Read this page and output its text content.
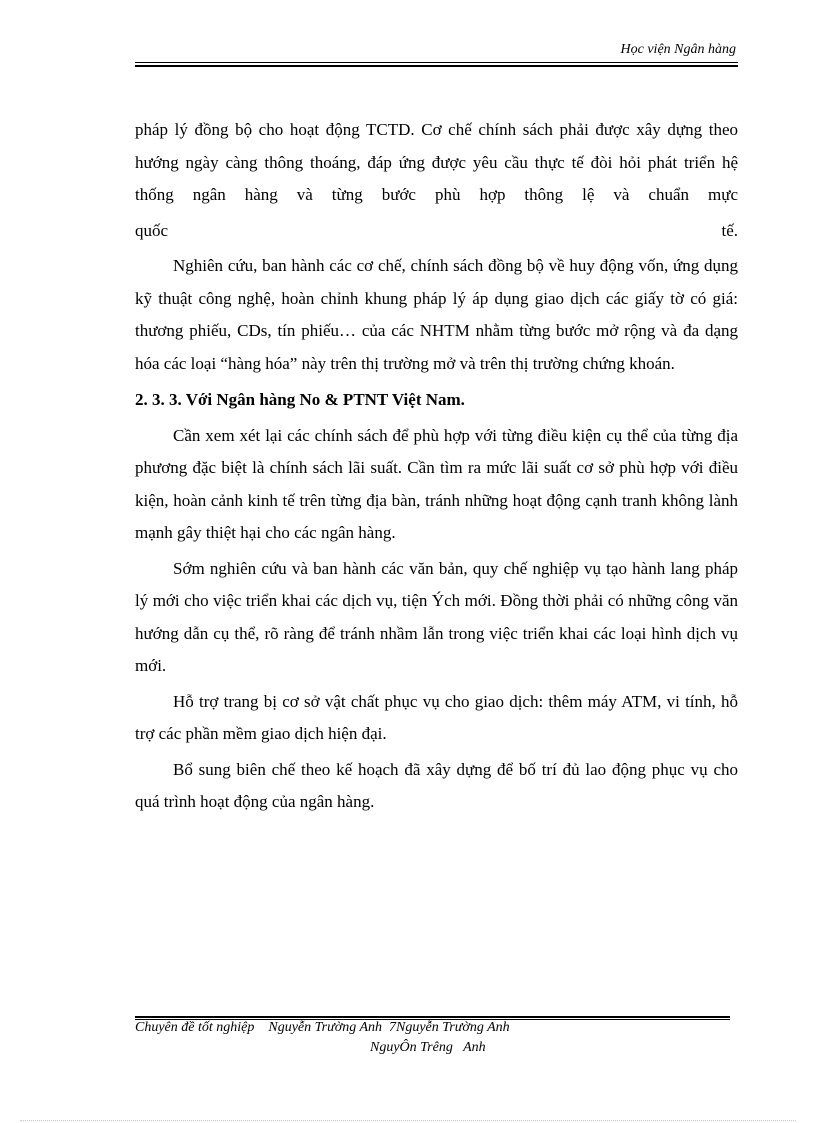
Học viện Ngân hàng

pháp lý đồng bộ cho hoạt động TCTD. Cơ chế chính sách phải được xây dựng theo hướng ngày càng thông thoáng, đáp ứng được yêu cầu thực tế đòi hỏi phát triển hệ thống ngân hàng và từng bước phù hợp thông lệ và chuẩn mực

quốc tế.

Nghiên cứu, ban hành các cơ chế, chính sách đồng bộ về huy động vốn, ứng dụng kỹ thuật công nghệ, hoàn chỉnh khung pháp lý áp dụng giao dịch các giấy tờ có giá: thương phiếu, CDs, tín phiếu… của các NHTM nhằm từng bước mở rộng và đa dạng hóa các loại “hàng hóa” này trên thị trường mở và trên thị trường chứng khoán.

2. 3. 3. Với Ngân hàng No & PTNT Việt Nam.

Cần xem xét lại các chính sách để phù hợp với từng điều kiện cụ thể của từng địa phương đặc biệt là chính sách lãi suất. Cần tìm ra mức lãi suất cơ sở phù hợp với điều kiện, hoàn cảnh kinh tế trên từng địa bàn, tránh những hoạt động cạnh tranh không lành mạnh gây thiệt hại cho các ngân hàng.

Sớm nghiên cứu và ban hành các văn bản, quy chế nghiệp vụ tạo hành lang pháp lý mới cho việc triển khai các dịch vụ, tiện Ých mới. Đồng thời phải có những công văn hướng dẫn cụ thể, rõ ràng để tránh nhầm lẫn trong việc triển khai các loại hình dịch vụ mới.

Hỗ trợ trang bị cơ sở vật chất phục vụ cho giao dịch: thêm máy ATM, vi tính, hỗ trợ các phần mềm giao dịch hiện đại.

Bổ sung biên chế theo kế hoạch đã xây dựng để bố trí đủ lao động phục vụ cho quá trình hoạt động của ngân hàng.

Chuyên đề tốt nghiệp    Nguyễn Trường Anh  7Nguyễn Trường Anh
NguyÔn Trêng   Anh
